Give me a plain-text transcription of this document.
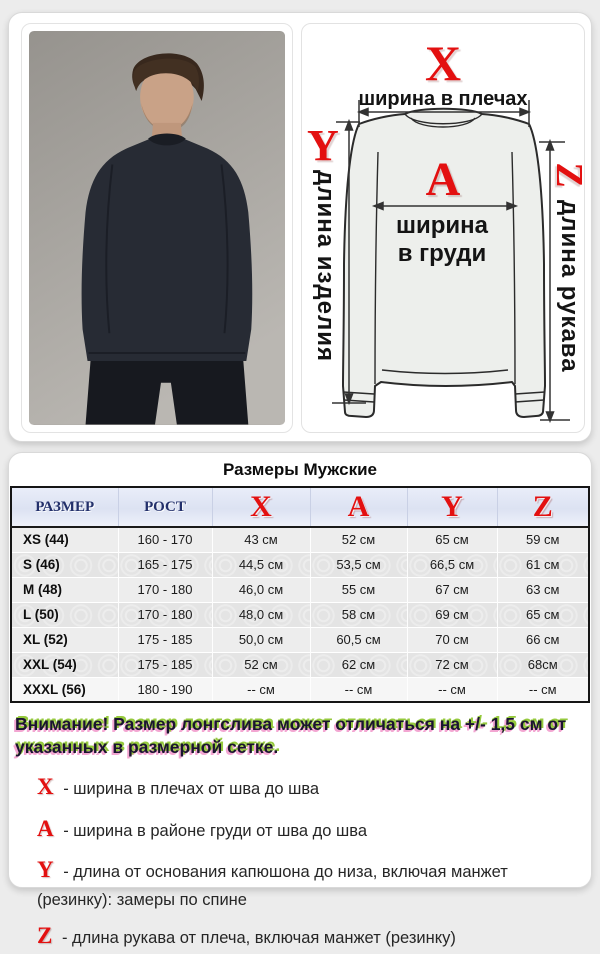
X
ширина в плечах
A
ширина
в груди
Y
длина изделия	Z
длина рукава
Размеры Мужские
РАЗМЕР	РОСТ	X	A	Y	Z
XS (44)	160 - 170	43 см	52 см	65 см	59 см
S (46)	165 - 175	44,5 см	53,5 см	66,5 см	61 см
M (48)	170 - 180	46,0 см	55 см	67 см	63 см
L (50)	170 - 180	48,0 см	58 см	69 см	65 см
XL (52)	175 - 185	50,0 см	60,5 см	70 см	66 см
XXL (54)	175 - 185	52 см	62 см	72 см	68см
XXXL (56)	180 - 190	-- см	-- см	-- см	-- см
Внимание! Размер лонгслива может отличаться на +/- 1,5 см от указанных в размерной сетке.
X - ширина в плечах от шва до шва
A - ширина в районе груди от шва до шва
Y - длина от основания капюшона до низа, включая манжет (резинку): замеры по спине
Z - длина рукава от плеча, включая манжет (резинку)
